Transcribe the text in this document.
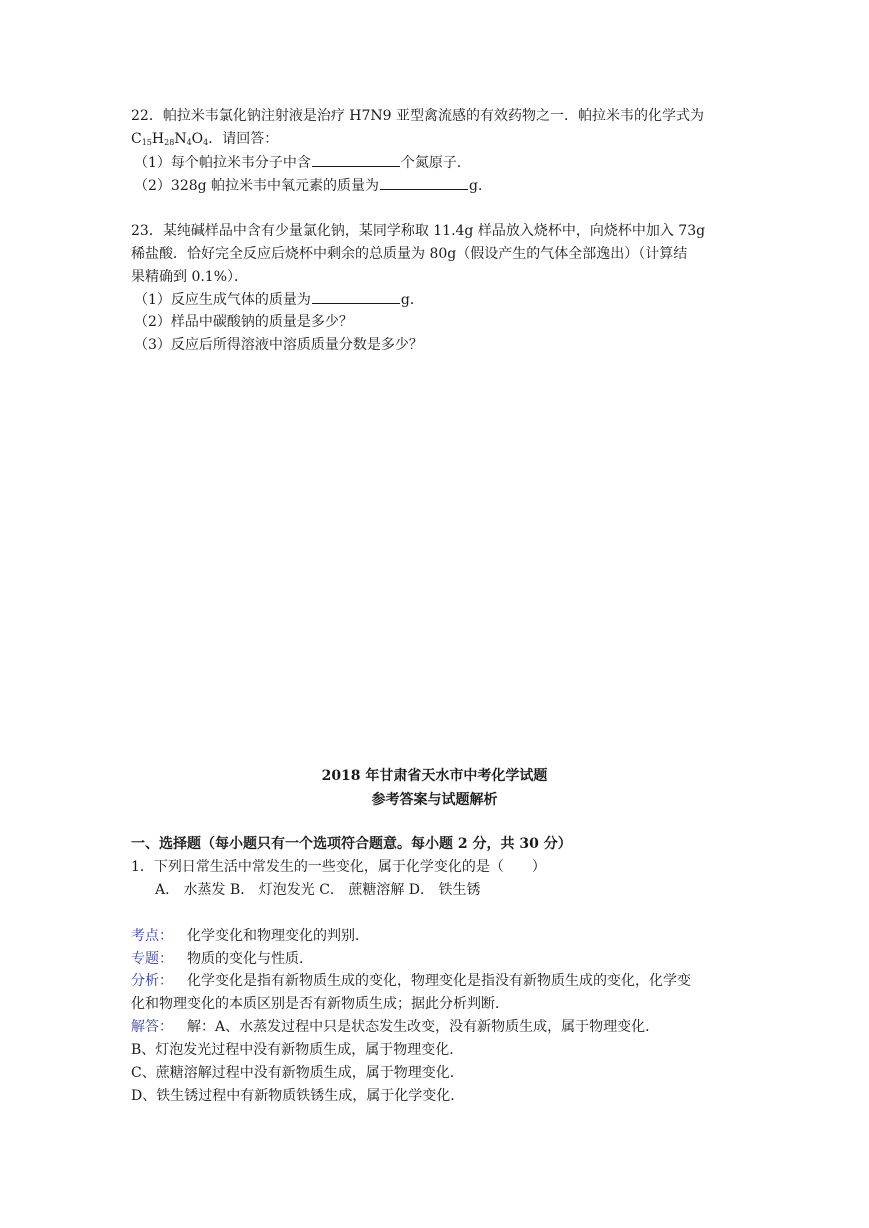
22．帕拉米韦氯化钠注射液是治疗 H7N9 亚型禽流感的有效药物之一．帕拉米韦的化学式为
$C_{15}H_{28}N_4O_4$．请回答：
（1）每个帕拉米韦分子中含	个氮原子．
（2）328g 帕拉米韦中氧元素的质量为	g．
23．某纯碱样品中含有少量氯化钠，某同学称取 11.4g 样品放入烧杯中，向烧杯中加入 73g
稀盐酸．恰好完全反应后烧杯中剩余的总质量为 80g（假设产生的气体全部逸出）（计算结
果精确到 0.1%）．
（1）反应生成气体的质量为	g．
（2）样品中碳酸钠的质量是多少？
（3）反应后所得溶液中溶质质量分数是多少？
2018 年甘肃省天水市中考化学试题
参考答案与试题解析
一、选择题（每小题只有一个选项符合题意。每小题 2 分，共 30 分）
1．下列日常生活中常发生的一些变化，属于化学变化的是（　　）
A． 水蒸发 B． 灯泡发光 C． 蔗糖溶解 D． 铁生锈
考点： 化学变化和物理变化的判别．
专题： 物质的变化与性质．
分析： 化学变化是指有新物质生成的变化，物理变化是指没有新物质生成的变化，化学变
化和物理变化的本质区别是否有新物质生成；据此分析判断．
解答： 解：A、水蒸发过程中只是状态发生改变，没有新物质生成，属于物理变化．
B、灯泡发光过程中没有新物质生成，属于物理变化．
C、蔗糖溶解过程中没有新物质生成，属于物理变化．
D、铁生锈过程中有新物质铁锈生成，属于化学变化．
